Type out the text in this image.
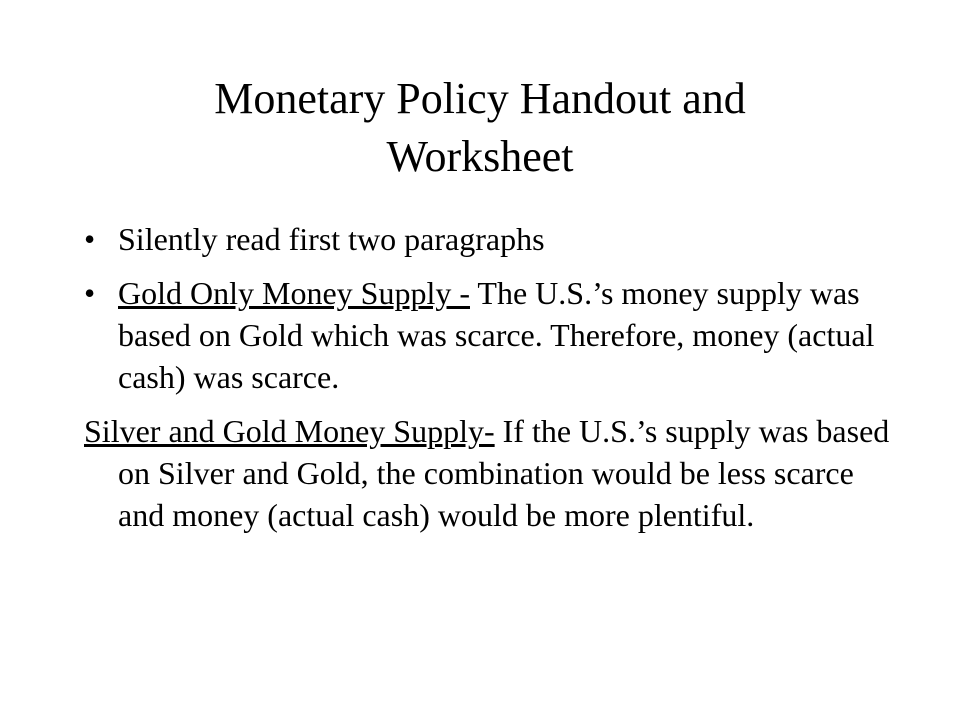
Monetary Policy Handout and
Worksheet
• Silently read first two paragraphs
• Gold Only Money Supply - The U.S.’s money supply was based on Gold which was scarce. Therefore, money (actual cash) was scarce.
Silver and Gold Money Supply- If the U.S.’s supply was based on Silver and Gold, the combination would be less scarce and money (actual cash) would be more plentiful.
